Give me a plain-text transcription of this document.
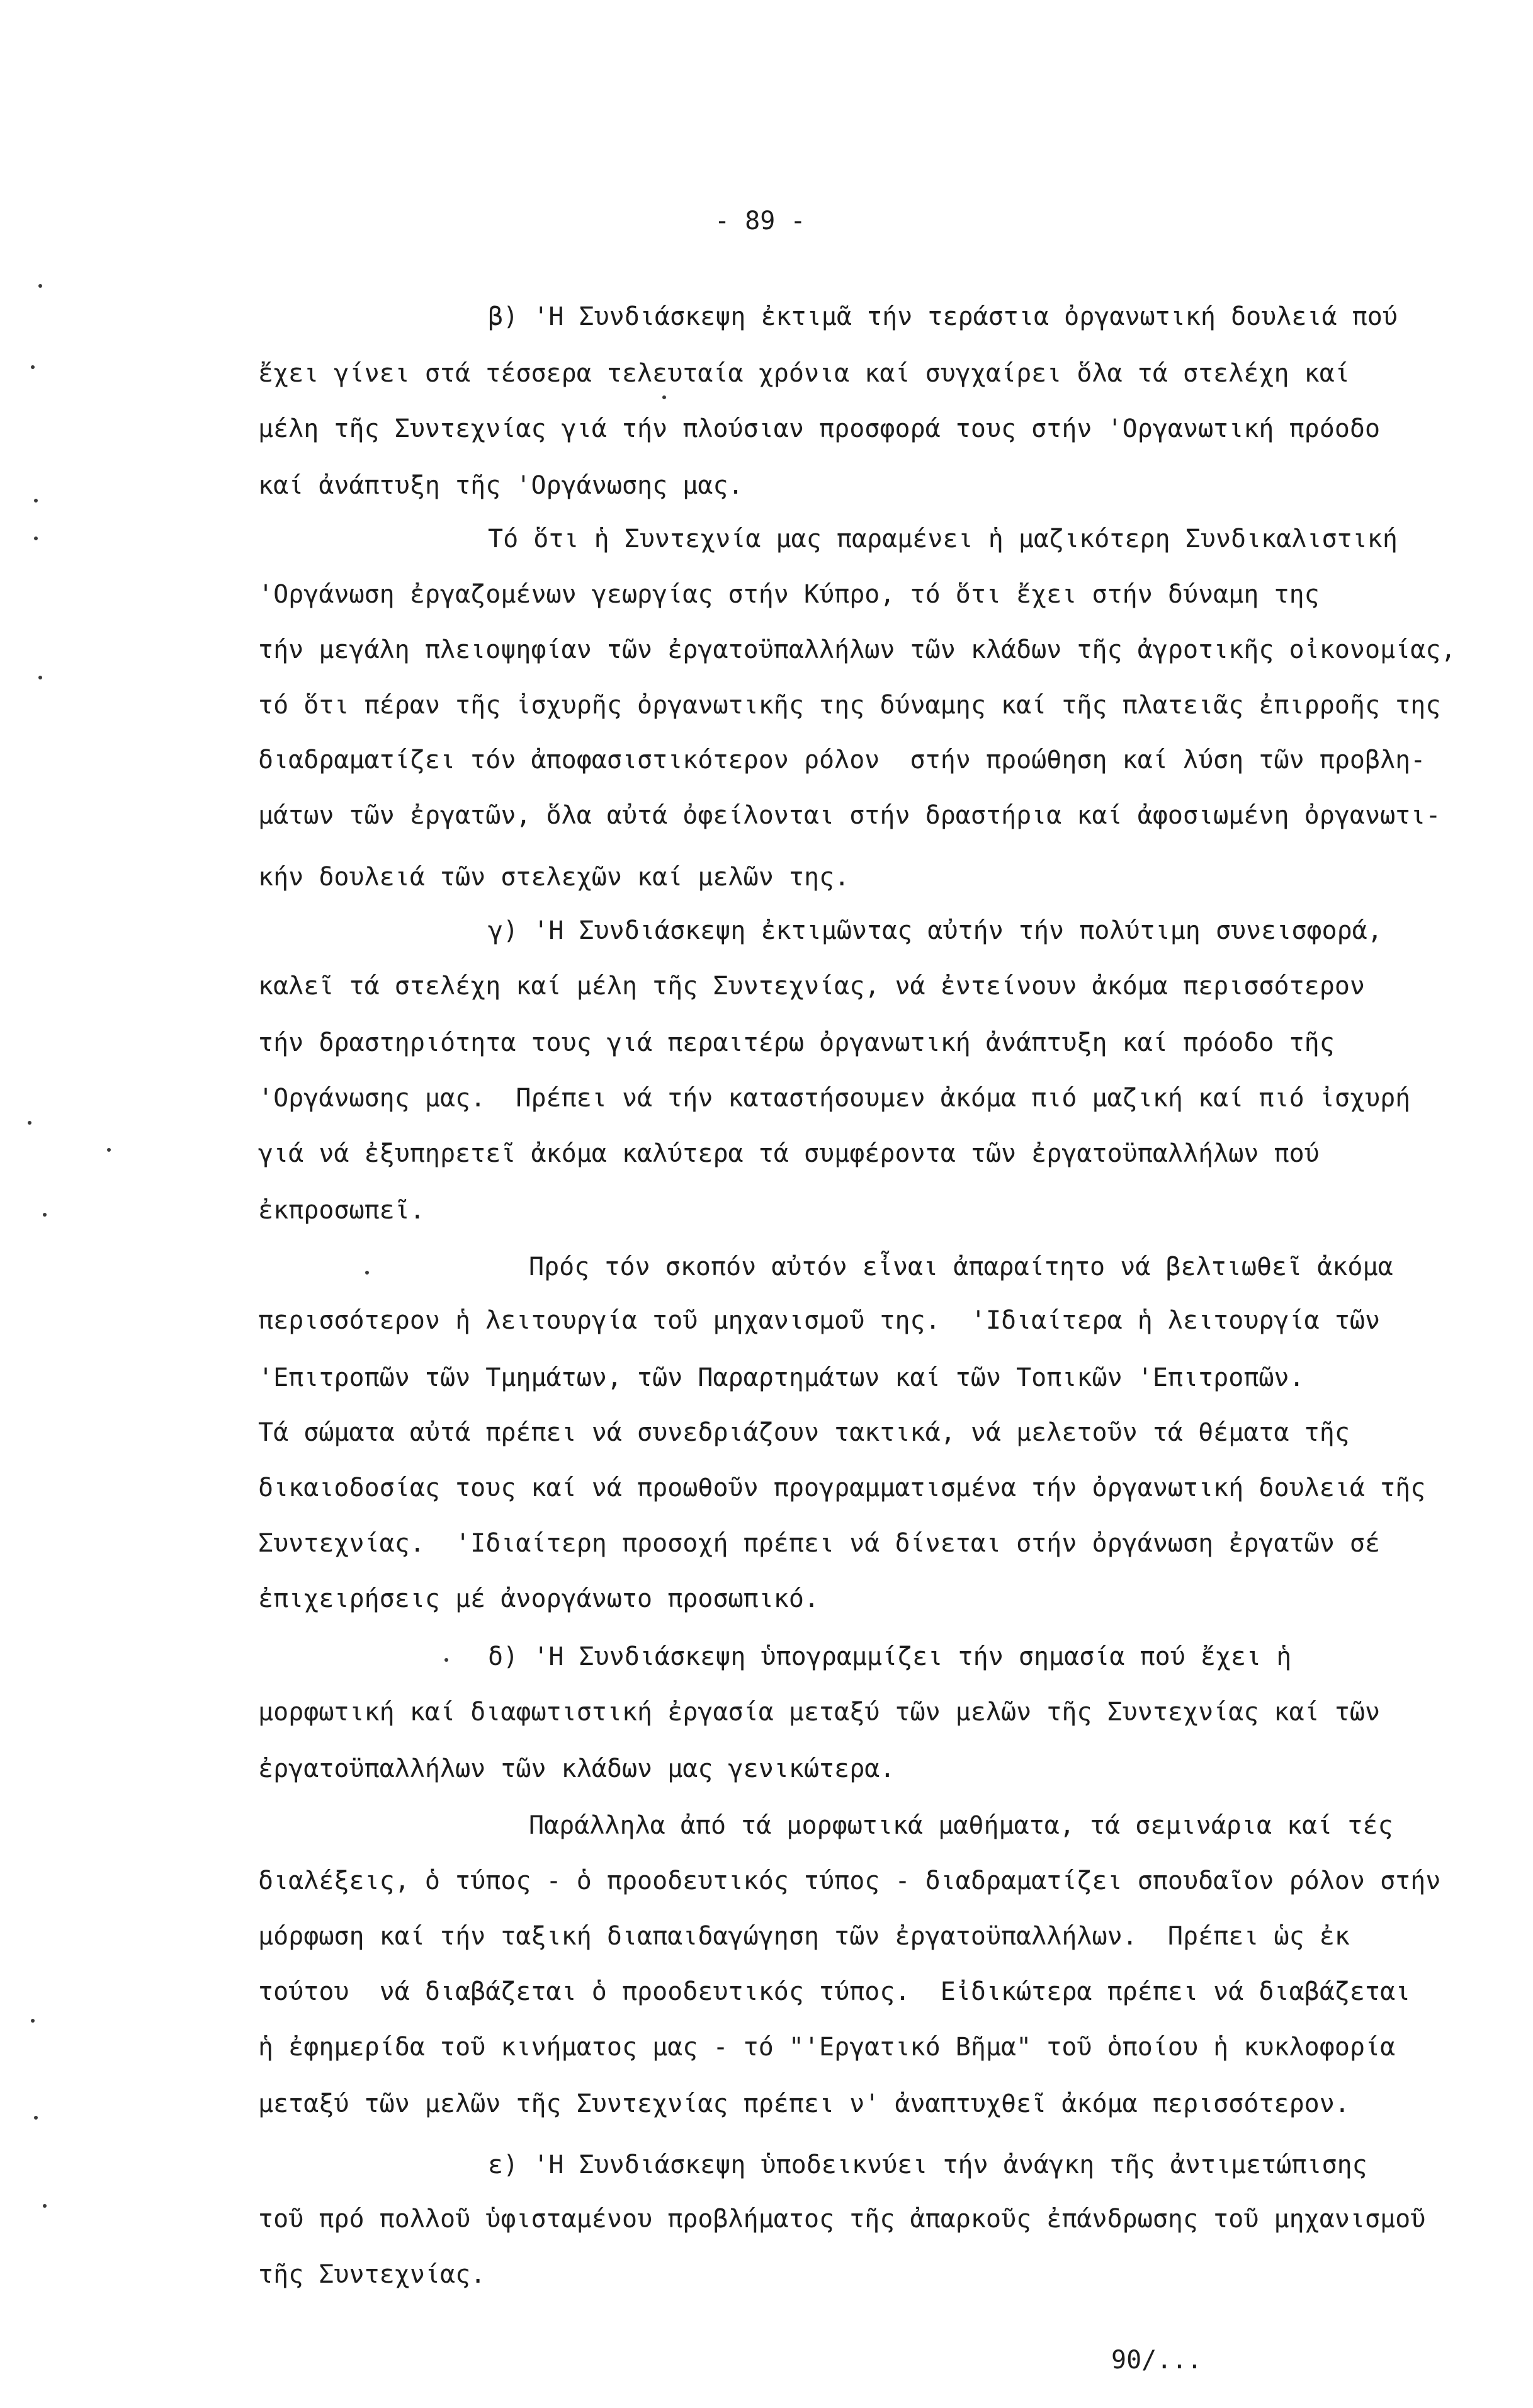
- 89 -
β) 'Η Συνδιάσκεψη ἐκτιμᾶ τήν τεράστια ὀργανωτική δουλειά πού
ἔχει γίνει στά τέσσερα τελευταία χρόνια καί συγχαίρει ὅλα τά στελέχη καί
μέλη τῆς Συντεχνίας γιά τήν πλούσιαν προσφορά τους στήν 'Οργανωτική πρόοδο
καί ἀνάπτυξη τῆς 'Οργάνωσης μας.
Τό ὅτι ἡ Συντεχνία μας παραμένει ἡ μαζικότερη Συνδικαλιστική
'Οργάνωση ἐργαζομένων γεωργίας στήν Κύπρο, τό ὅτι ἔχει στήν δύναμη της
τήν μεγάλη πλειοψηφίαν τῶν ἐργατοϋπαλλήλων τῶν κλάδων τῆς ἀγροτικῆς οἰκονομίας,
τό ὅτι πέραν τῆς ἰσχυρῆς ὀργανωτικῆς της δύναμης καί τῆς πλατειᾶς ἐπιρροῆς της
διαδραματίζει τόν ἀποφασιστικότερον ρόλον  στήν προώθηση καί λύση τῶν προβλη-
μάτων τῶν ἐργατῶν, ὅλα αὐτά ὀφείλονται στήν δραστήρια καί ἀφοσιωμένη ὀργανωτι-
κήν δουλειά τῶν στελεχῶν καί μελῶν της.
γ) 'Η Συνδιάσκεψη ἐκτιμῶντας αὐτήν τήν πολύτιμη συνεισφορά,
καλεῖ τά στελέχη καί μέλη τῆς Συντεχνίας, νά ἐντείνουν ἀκόμα περισσότερον
τήν δραστηριότητα τους γιά περαιτέρω ὀργανωτική ἀνάπτυξη καί πρόοδο τῆς
'Οργάνωσης μας.  Πρέπει νά τήν καταστήσουμεν ἀκόμα πιό μαζική καί πιό ἰσχυρή
γιά νά ἐξυπηρετεῖ ἀκόμα καλύτερα τά συμφέροντα τῶν ἐργατοϋπαλλήλων πού
ἐκπροσωπεῖ.
Πρός τόν σκοπόν αὐτόν εἶναι ἀπαραίτητο νά βελτιωθεῖ ἀκόμα
περισσότερον ἡ λειτουργία τοῦ μηχανισμοῦ της.  'Ιδιαίτερα ἡ λειτουργία τῶν
'Επιτροπῶν τῶν Τμημάτων, τῶν Παραρτημάτων καί τῶν Τοπικῶν 'Επιτροπῶν.
Τά σώματα αὐτά πρέπει νά συνεδριάζουν τακτικά, νά μελετοῦν τά θέματα τῆς
δικαιοδοσίας τους καί νά προωθοῦν προγραμματισμένα τήν ὀργανωτική δουλειά τῆς
Συντεχνίας.  'Ιδιαίτερη προσοχή πρέπει νά δίνεται στήν ὀργάνωση ἐργατῶν σέ
ἐπιχειρήσεις μέ ἀνοργάνωτο προσωπικό.
δ) 'Η Συνδιάσκεψη ὑπογραμμίζει τήν σημασία πού ἔχει ἡ
μορφωτική καί διαφωτιστική ἐργασία μεταξύ τῶν μελῶν τῆς Συντεχνίας καί τῶν
ἐργατοϋπαλλήλων τῶν κλάδων μας γενικώτερα.
Παράλληλα ἀπό τά μορφωτικά μαθήματα, τά σεμινάρια καί τές
διαλέξεις, ὁ τύπος - ὁ προοδευτικός τύπος - διαδραματίζει σπουδαῖον ρόλον στήν
μόρφωση καί τήν ταξική διαπαιδαγώγηση τῶν ἐργατοϋπαλλήλων.  Πρέπει ὡς ἐκ
τούτου  νά διαβάζεται ὁ προοδευτικός τύπος.  Εἰδικώτερα πρέπει νά διαβάζεται
ἡ ἐφημερίδα τοῦ κινήματος μας - τό "'Εργατικό Βῆμα" τοῦ ὁποίου ἡ κυκλοφορία
μεταξύ τῶν μελῶν τῆς Συντεχνίας πρέπει ν' ἀναπτυχθεῖ ἀκόμα περισσότερον.
ε) 'Η Συνδιάσκεψη ὑποδεικνύει τήν ἀνάγκη τῆς ἀντιμετώπισης
τοῦ πρό πολλοῦ ὑφισταμένου προβλήματος τῆς ἀπαρκοῦς ἐπάνδρωσης τοῦ μηχανισμοῦ
τῆς Συντεχνίας.
90/...
